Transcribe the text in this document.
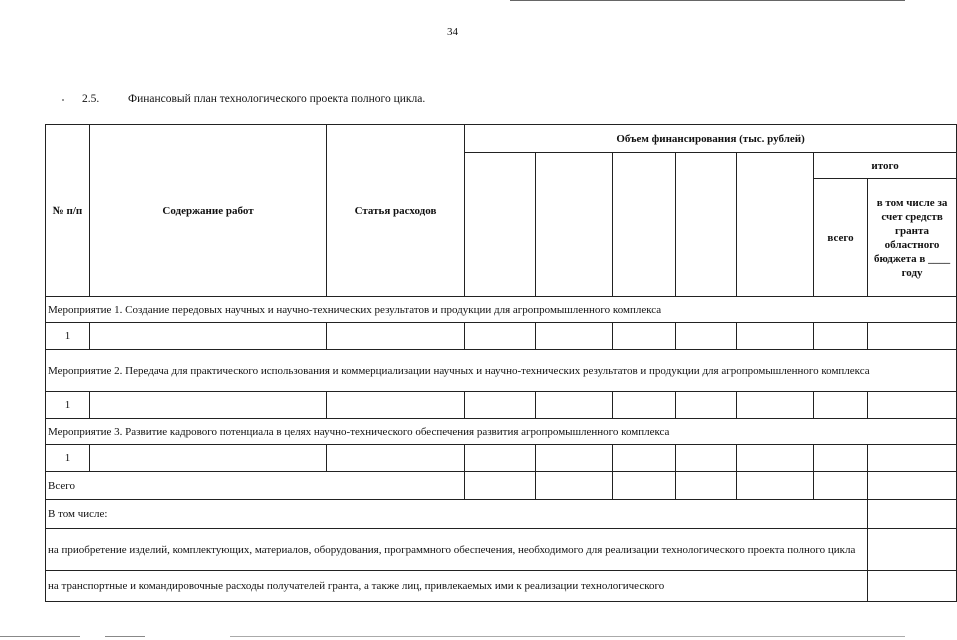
34
2.5.	Финансовый план технологического проекта полного цикла.
№ п/п	Содержание работ	Статья расходов	Объем финансирования (тыс. рублей)						
								итого	
								всего	в том числе за счет средств гранта областного бюджета в ____ году
Мероприятие 1. Создание передовых научных и научно-технических результатов и продукции для агропромышленного комплекса									
1									
Мероприятие 2. Передача для практического использования и коммерциализации научных и научно-технических результатов и продукции для агропромышленного комплекса									
1									
Мероприятие 3. Развитие кадрового потенциала в целях научно-технического обеспечения развития агропромышленного комплекса									
1									
Всего									
В том числе:									
на приобретение изделий, комплектующих, материалов, оборудования, программного обеспечения, необходимого для реализации технологического проекта полного цикла									
на транспортные и командировочные расходы получателей гранта, а также лиц, привлекаемых ими к реализации технологического									
